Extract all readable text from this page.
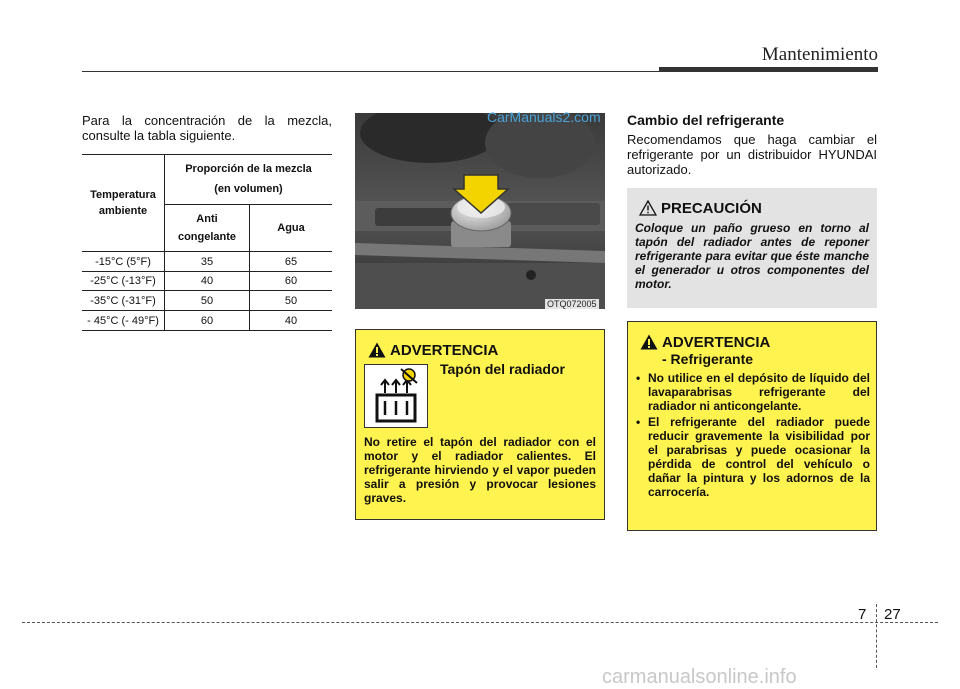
Mantenimiento
Para la concentración de la mezcla, consulte la tabla siguiente.
Temperatura ambiente	Proporción de la mezcla (en volumen)	

	Anti congelante	Agua
-15°C (5°F)	35	65
-25°C (-13°F)	40	60
-35°C (-31°F)	50	50
- 45°C (- 49°F)	60	40
CarManuals2.com
OTQ072005
ADVERTENCIA
Tapón del radiador
No retire el tapón del radiador con el motor y el radiador calientes. El refrigerante hirviendo y el vapor pueden salir a presión y provocar lesiones graves.
Cambio del refrigerante
Recomendamos que haga cambiar el refrigerante por un distribuidor HYUNDAI autorizado.
PRECAUCIÓN
Coloque un paño grueso en torno al tapón del radiador antes de reponer refrigerante para evitar que éste manche el generador u otros componentes del motor.
ADVERTENCIA
- Refrigerante
• No utilice en el depósito de líquido del lavaparabrisas refrigerante del radiador ni anticongelante.
• El refrigerante del radiador puede reducir gravemente la visibilidad por el parabrisas y puede ocasionar la pérdida de control del vehículo o dañar la pintura y los adornos de la carrocería.
7 27
carmanualsonline.info
